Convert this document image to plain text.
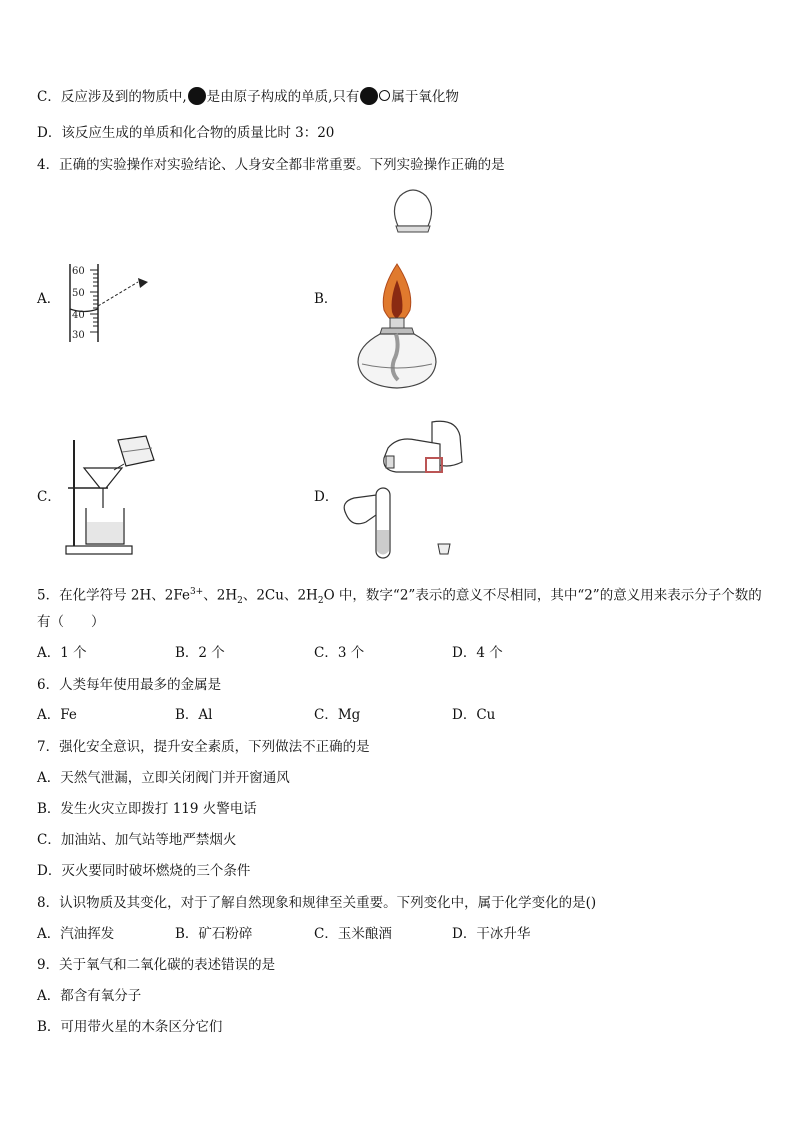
C．反应涉及到的物质中, 是由原子构成的单质,只有 属于氧化物
D．该反应生成的单质和化合物的质量比时 3：20
4．正确的实验操作对实验结论、人身安全都非常重要。下列实验操作正确的是
A．
60
50
40
30
B．
C．	D．
5．在化学符号 2H、$2Fe^{3+}$、$2H_2$、2Cu、$2H_2O$ 中，数字“2”表示的意义不尽相同，其中“2”的意义用来表示分子个数的
有（　　）
A．1 个	B．2 个	C．3 个	D．4 个
6．人类每年使用最多的金属是
A．Fe	B．Al	C．Mg	D．Cu
7．强化安全意识，提升安全素质，下列做法不正确的是
A．天然气泄漏，立即关闭阀门并开窗通风
B．发生火灾立即拨打 119 火警电话
C．加油站、加气站等地严禁烟火
D．灭火要同时破坏燃烧的三个条件
8．认识物质及其变化，对于了解自然现象和规律至关重要。下列变化中，属于化学变化的是()
A．汽油挥发	B．矿石粉碎	C．玉米酿酒	D．干冰升华
9．关于氧气和二氧化碳的表述错误的是
A．都含有氧分子
B．可用带火星的木条区分它们
